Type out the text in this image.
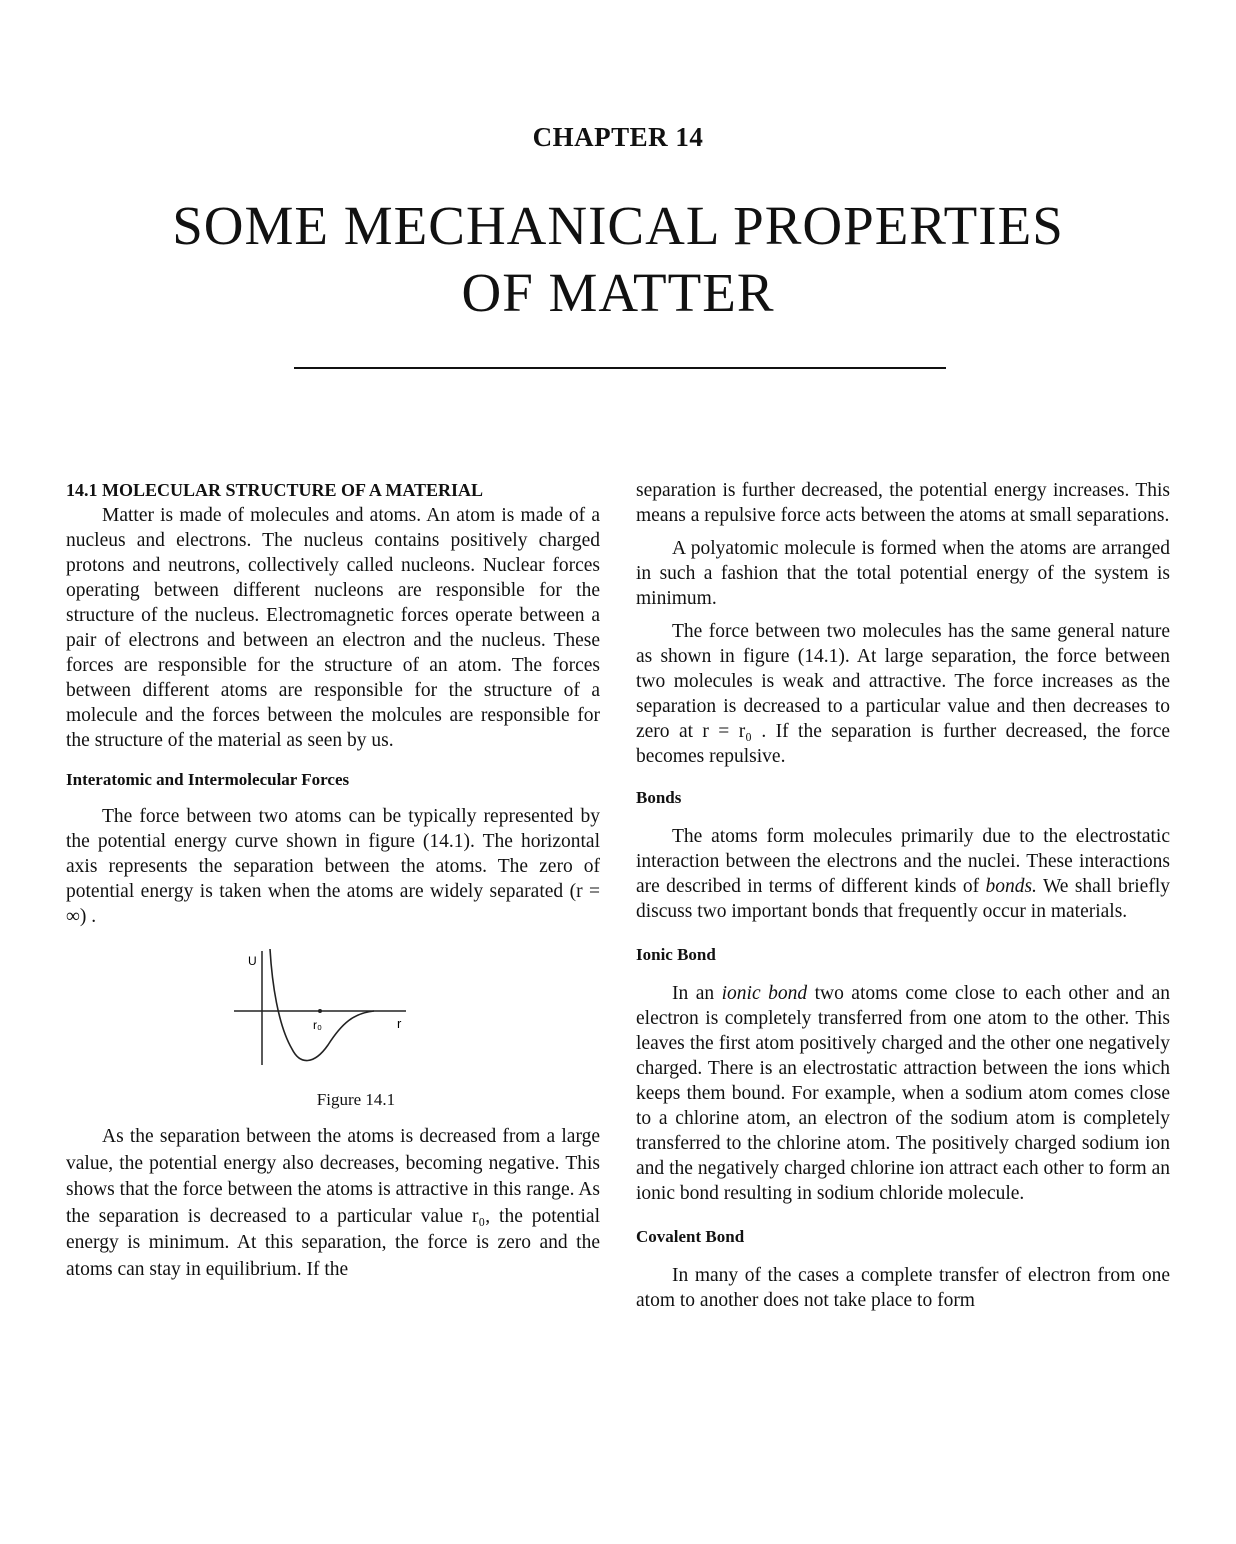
CHAPTER 14
SOME MECHANICAL PROPERTIES
OF MATTER

14.1 MOLECULAR STRUCTURE OF A MATERIAL

Matter is made of molecules and atoms. An atom is made of a nucleus and electrons. The nucleus contains positively charged protons and neutrons, collectively called nucleons. Nuclear forces operating between different nucleons are responsible for the structure of the nucleus. Electromagnetic forces operate between a pair of electrons and between an electron and the nucleus. These forces are responsible for the structure of an atom. The forces between different atoms are responsible for the structure of a molecule and the forces between the molcules are responsible for the structure of the material as seen by us.

Interatomic and Intermolecular Forces

The force between two atoms can be typically represented by the potential energy curve shown in figure (14.1). The horizontal axis represents the separation between the atoms. The zero of potential energy is taken when the atoms are widely separated (r = ∞) .

U
r
r₀
Figure 14.1

As the separation between the atoms is decreased from a large value, the potential energy also decreases, becoming negative. This shows that the force between the atoms is attractive in this range. As the separation is decreased to a particular value r₀, the potential energy is minimum. At this separation, the force is zero and the atoms can stay in equilibrium. If the

separation is further decreased, the potential energy increases. This means a repulsive force acts between the atoms at small separations.

A polyatomic molecule is formed when the atoms are arranged in such a fashion that the total potential energy of the system is minimum.

The force between two molecules has the same general nature as shown in figure (14.1). At large separation, the force between two molecules is weak and attractive. The force increases as the separation is decreased to a particular value and then decreases to zero at r = r₀ . If the separation is further decreased, the force becomes repulsive.

Bonds

The atoms form molecules primarily due to the electrostatic interaction between the electrons and the nuclei. These interactions are described in terms of different kinds of bonds. We shall briefly discuss two important bonds that frequently occur in materials.

Ionic Bond

In an ionic bond two atoms come close to each other and an electron is completely transferred from one atom to the other. This leaves the first atom positively charged and the other one negatively charged. There is an electrostatic attraction between the ions which keeps them bound. For example, when a sodium atom comes close to a chlorine atom, an electron of the sodium atom is completely transferred to the chlorine atom. The positively charged sodium ion and the negatively charged chlorine ion attract each other to form an ionic bond resulting in sodium chloride molecule.

Covalent Bond

In many of the cases a complete transfer of electron from one atom to another does not take place to form
